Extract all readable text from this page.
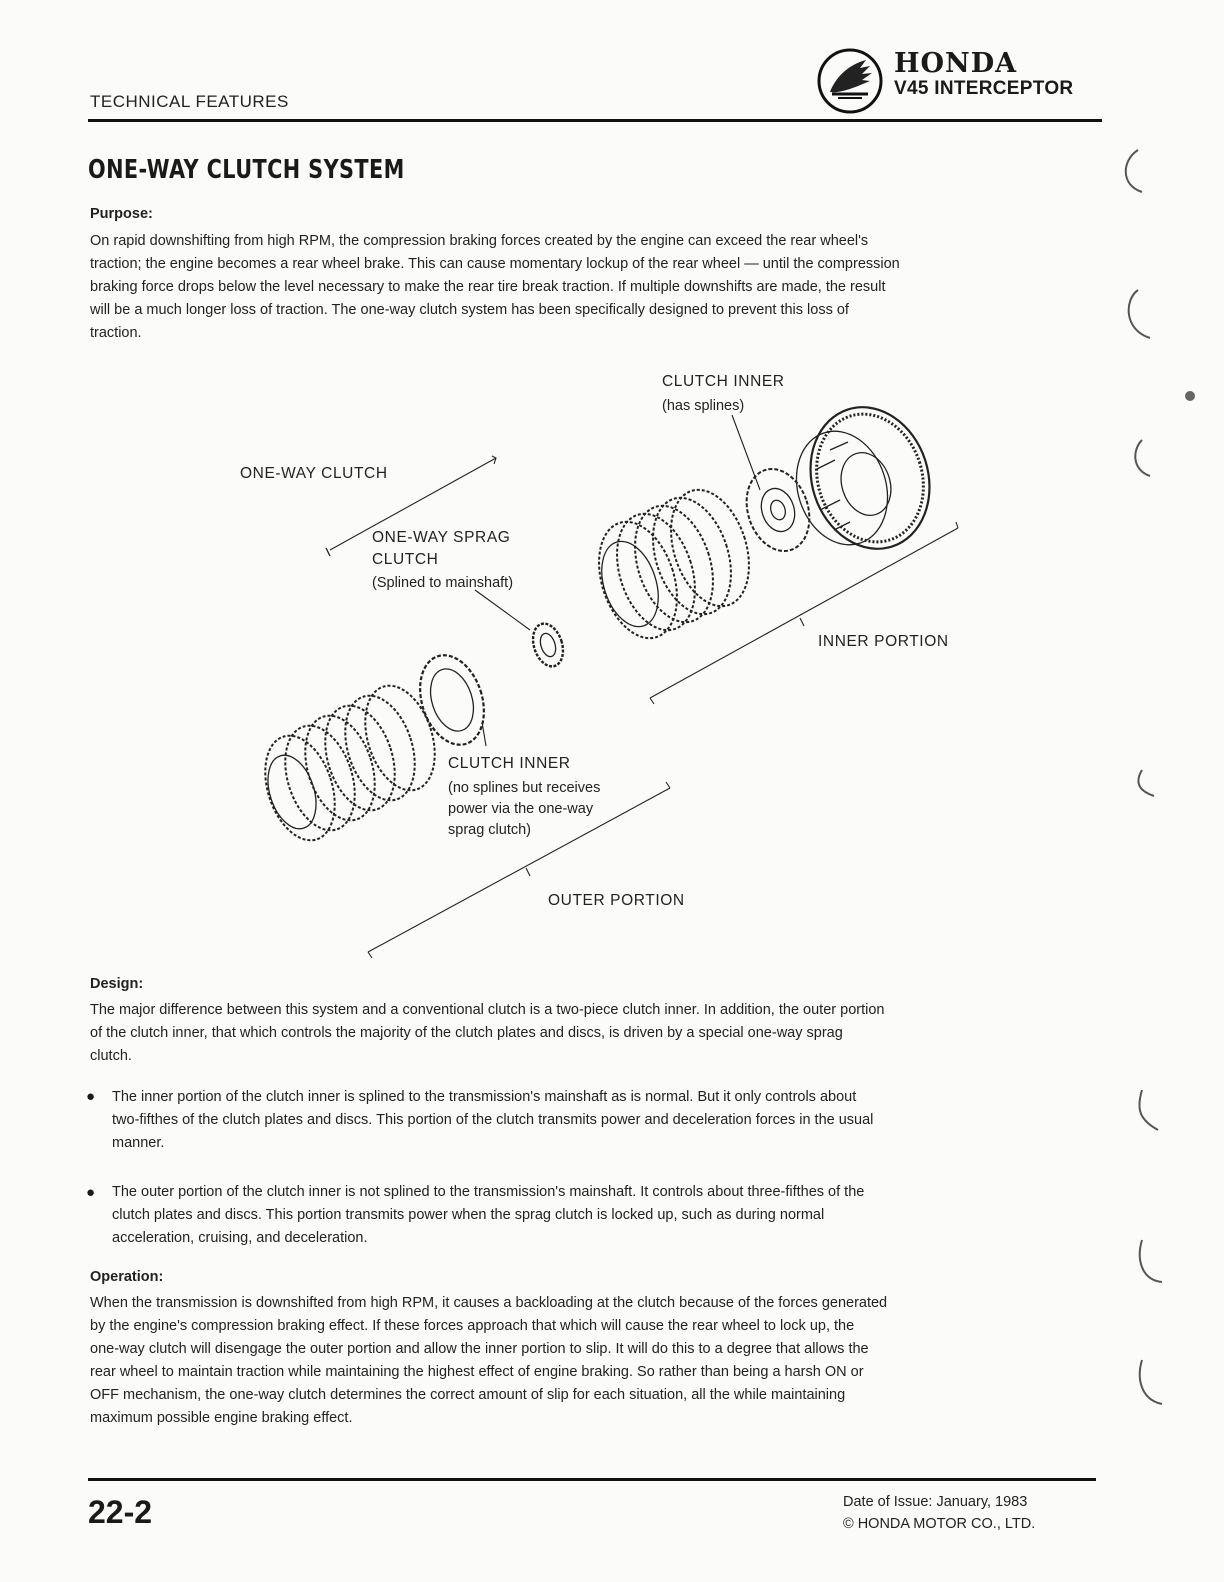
TECHNICAL FEATURES
HONDA
V45 INTERCEPTOR
ONE-WAY CLUTCH SYSTEM
Purpose:
On rapid downshifting from high RPM, the compression braking forces created by the engine can exceed the rear wheel's
traction; the engine becomes a rear wheel brake. This can cause momentary lockup of the rear wheel — until the compression
braking force drops below the level necessary to make the rear tire break traction. If multiple downshifts are made, the result
will be a much longer loss of traction. The one-way clutch system has been specifically designed to prevent this loss of
traction.
CLUTCH INNER
(has splines)
ONE-WAY CLUTCH
ONE-WAY SPRAG
CLUTCH
(Splined to mainshaft)
INNER PORTION
CLUTCH INNER
(no splines but receives
power via the one-way
sprag clutch)
OUTER PORTION
Design:
The major difference between this system and a conventional clutch is a two-piece clutch inner. In addition, the outer portion
of the clutch inner, that which controls the majority of the clutch plates and discs, is driven by a special one-way sprag
clutch.
● The inner portion of the clutch inner is splined to the transmission's mainshaft as is normal. But it only controls about
two-fifthes of the clutch plates and discs. This portion of the clutch transmits power and deceleration forces in the usual
manner.
● The outer portion of the clutch inner is not splined to the transmission's mainshaft. It controls about three-fifthes of the
clutch plates and discs. This portion transmits power when the sprag clutch is locked up, such as during normal
acceleration, cruising, and deceleration.
Operation:
When the transmission is downshifted from high RPM, it causes a backloading at the clutch because of the forces generated
by the engine's compression braking effect. If these forces approach that which will cause the rear wheel to lock up, the
one-way clutch will disengage the outer portion and allow the inner portion to slip. It will do this to a degree that allows the
rear wheel to maintain traction while maintaining the highest effect of engine braking. So rather than being a harsh ON or
OFF mechanism, the one-way clutch determines the correct amount of slip for each situation, all the while maintaining
maximum possible engine braking effect.
22-2	Date of Issue: January, 1983
© HONDA MOTOR CO., LTD.
